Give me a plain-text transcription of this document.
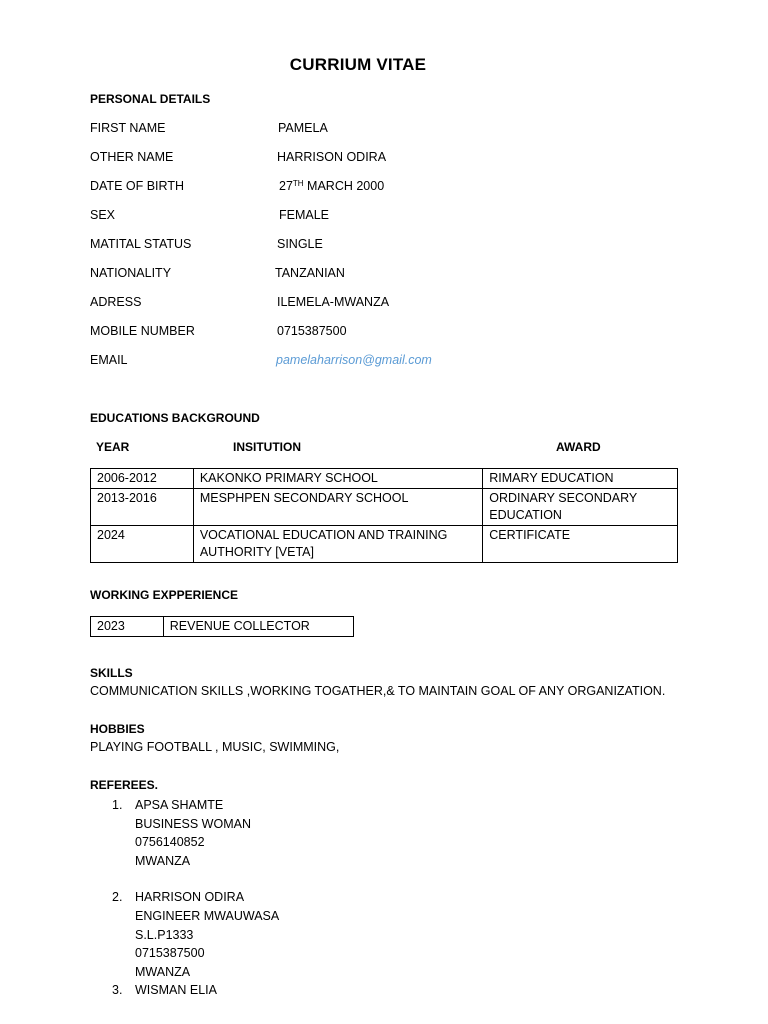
CURRIUM VITAE
PERSONAL DETAILS
FIRST NAME	PAMELA
OTHER NAME	HARRISON ODIRA
DATE OF BIRTH	27TH MARCH 2000
SEX	FEMALE
MATITAL STATUS	SINGLE
NATIONALITY	TANZANIAN
ADRESS	ILEMELA-MWANZA
MOBILE NUMBER	0715387500
EMAIL	pamelaharrison@gmail.com
EDUCATIONS BACKGROUND
YEAR	INSITUTION	AWARD
2006-2012	KAKONKO PRIMARY SCHOOL	RIMARY EDUCATION
2013-2016	MESPHPEN SECONDARY SCHOOL	ORDINARY SECONDARY EDUCATION
2024	VOCATIONAL EDUCATION AND TRAINING AUTHORITY [VETA]	CERTIFICATE
WORKING EXPPERIENCE
2023	REVENUE COLLECTOR
SKILLS
COMMUNICATION SKILLS ,WORKING TOGATHER,& TO MAINTAIN GOAL OF ANY ORGANIZATION.
HOBBIES
PLAYING FOOTBALL , MUSIC, SWIMMING,
REFEREES.
1. APSA SHAMTE
BUSINESS WOMAN
0756140852
MWANZA
2. HARRISON ODIRA
ENGINEER MWAUWASA
S.L.P1333
0715387500
MWANZA
3. WISMAN ELIA
